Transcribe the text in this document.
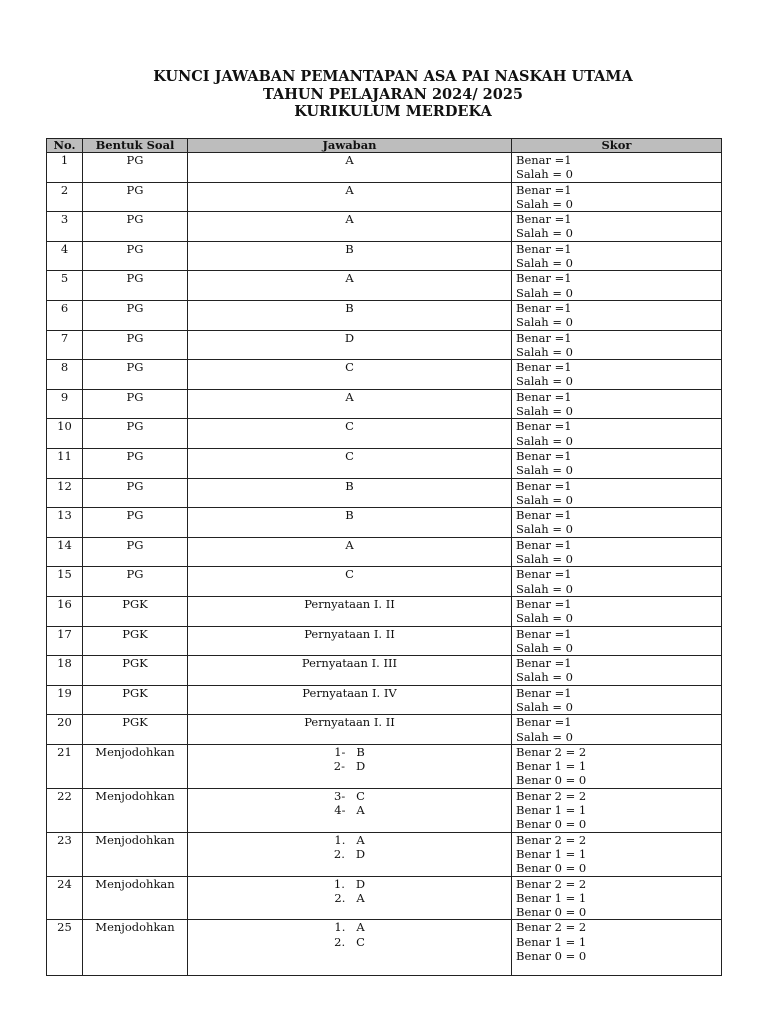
KUNCI JAWABAN PEMANTAPAN ASA PAI NASKAH UTAMA
TAHUN PELAJARAN 2024/ 2025
KURIKULUM MERDEKA
No.	Bentuk Soal	Jawaban	Skor
1	PG	A	Benar =1
Salah = 0

2	PG	A	Benar =1
Salah = 0

3	PG	A	Benar =1
Salah = 0

4	PG	B	Benar =1
Salah = 0

5	PG	A	Benar =1
Salah = 0

6	PG	B	Benar =1
Salah = 0

7	PG	D	Benar =1
Salah = 0

8	PG	C	Benar =1
Salah = 0

9	PG	A	Benar =1
Salah = 0

10	PG	C	Benar =1
Salah = 0

11	PG	C	Benar =1
Salah = 0

12	PG	B	Benar =1
Salah = 0

13	PG	B	Benar =1
Salah = 0

14	PG	A	Benar =1
Salah = 0

15	PG	C	Benar =1
Salah = 0

16	PGK	Pernyataan I. II	Benar =1
Salah = 0

17	PGK	Pernyataan I. II	Benar =1
Salah = 0

18	PGK	Pernyataan I. III	Benar =1
Salah = 0

19	PGK	Pernyataan I. IV	Benar =1
Salah = 0

20	PGK	Pernyataan I. II	Benar =1
Salah = 0

21	Menjodohkan	1-   B
2-   D	Benar 2 = 2
Benar 1 = 1
Benar 0 = 0

22	Menjodohkan	3-   C
4-   A	Benar 2 = 2
Benar 1 = 1
Benar 0 = 0

23	Menjodohkan	1.   A
2.   D	Benar 2 = 2
Benar 1 = 1
Benar 0 = 0

24	Menjodohkan	1.   D
2.   A	Benar 2 = 2
Benar 1 = 1
Benar 0 = 0

25	Menjodohkan	1.   A
2.   C	Benar 2 = 2
Benar 1 = 1
Benar 0 = 0
